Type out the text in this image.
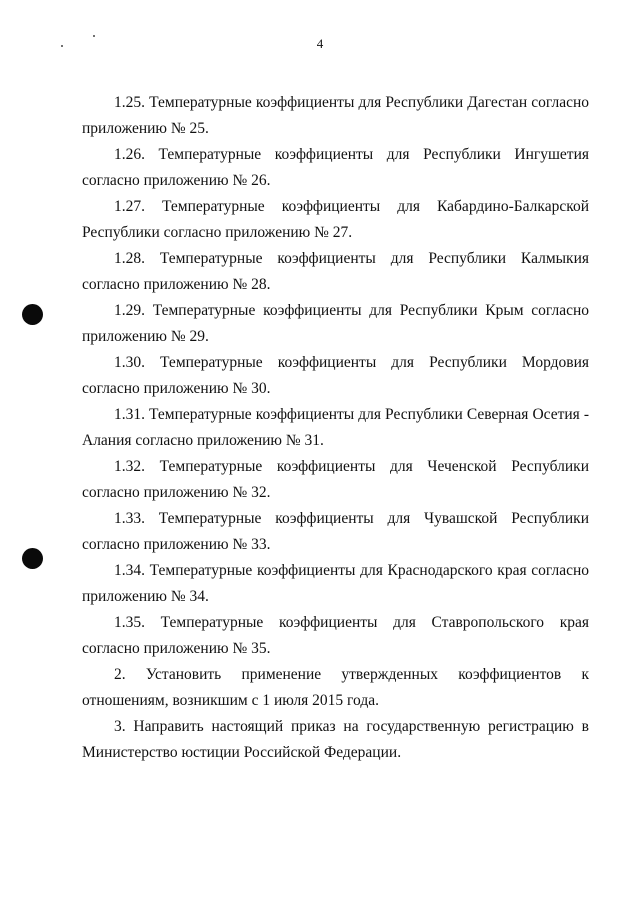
4

1.25. Температурные коэффициенты для Республики Дагестан согласно приложению № 25.

1.26. Температурные коэффициенты для Республики Ингушетия согласно приложению № 26.

1.27. Температурные коэффициенты для Кабардино-Балкарской Республики согласно приложению № 27.

1.28. Температурные коэффициенты для Республики Калмыкия согласно приложению № 28.

1.29. Температурные коэффициенты для Республики Крым согласно приложению № 29.

1.30. Температурные коэффициенты для Республики Мордовия согласно приложению № 30.

1.31. Температурные коэффициенты для Республики Северная Осетия - Алания согласно приложению № 31.

1.32. Температурные коэффициенты для Чеченской Республики согласно приложению № 32.

1.33. Температурные коэффициенты для Чувашской Республики согласно приложению № 33.

1.34. Температурные коэффициенты для Краснодарского края согласно приложению № 34.

1.35. Температурные коэффициенты для Ставропольского края согласно приложению № 35.

2. Установить применение утвержденных коэффициентов к отношениям, возникшим с 1 июля 2015 года.

3. Направить настоящий приказ на государственную регистрацию в Министерство юстиции Российской Федерации.
